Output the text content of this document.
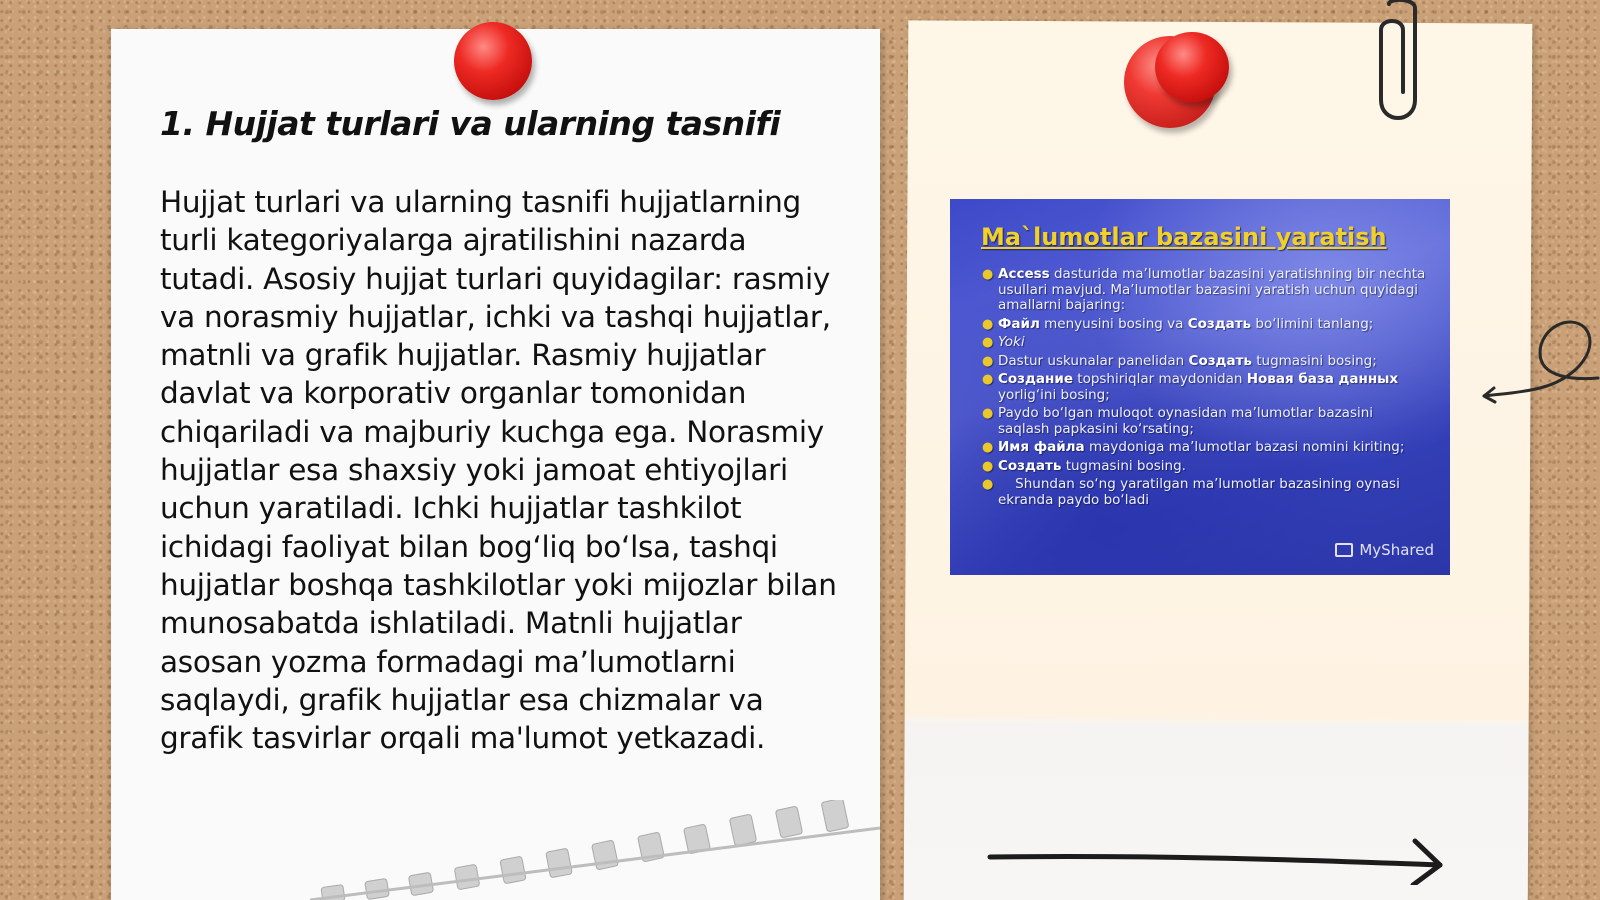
1. Hujjat turlari va ularning tasnifi

Hujjat turlari va ularning tasnifi hujjatlarning turli kategoriyalarga ajratilishini nazarda tutadi. Asosiy hujjat turlari quyidagilar: rasmiy va norasmiy hujjatlar, ichki va tashqi hujjatlar, matnli va grafik hujjatlar. Rasmiy hujjatlar davlat va korporativ organlar tomonidan chiqariladi va majburiy kuchga ega. Norasmiy hujjatlar esa shaxsiy yoki jamoat ehtiyojlari uchun yaratiladi. Ichki hujjatlar tashkilot ichidagi faoliyat bilan bog‘liq bo‘lsa, tashqi hujjatlar boshqa tashkilotlar yoki mijozlar bilan munosabatda ishlatiladi. Matnli hujjatlar asosan yozma formadagi ma’lumotlarni saqlaydi, grafik hujjatlar esa chizmalar va grafik tasvirlar orqali ma'lumot yetkazadi.

Ma`lumotlar bazasini yaratish
● Access dasturida ma’lumotlar bazasini yaratishning bir nechta usullari mavjud. Ma’lumotlar bazasini yaratish uchun quyidagi amallarni bajaring:
● Файл menyusini bosing va Создать bo‘limini tanlang;
● Yoki
● Dastur uskunalar panelidan Создать tugmasini bosing;
● Создание topshiriqlar maydonidan Новая база данных yorlig‘ini bosing;
● Paydo bo‘lgan muloqot oynasidan ma’lumotlar bazasini saqlash papkasini ko‘rsating;
● Имя файла maydoniga ma’lumotlar bazasi nomini kiriting;
● Создать tugmasini bosing.
● Shundan so‘ng yaratilgan ma’lumotlar bazasining oynasi ekranda paydo bo‘ladi
MyShared
